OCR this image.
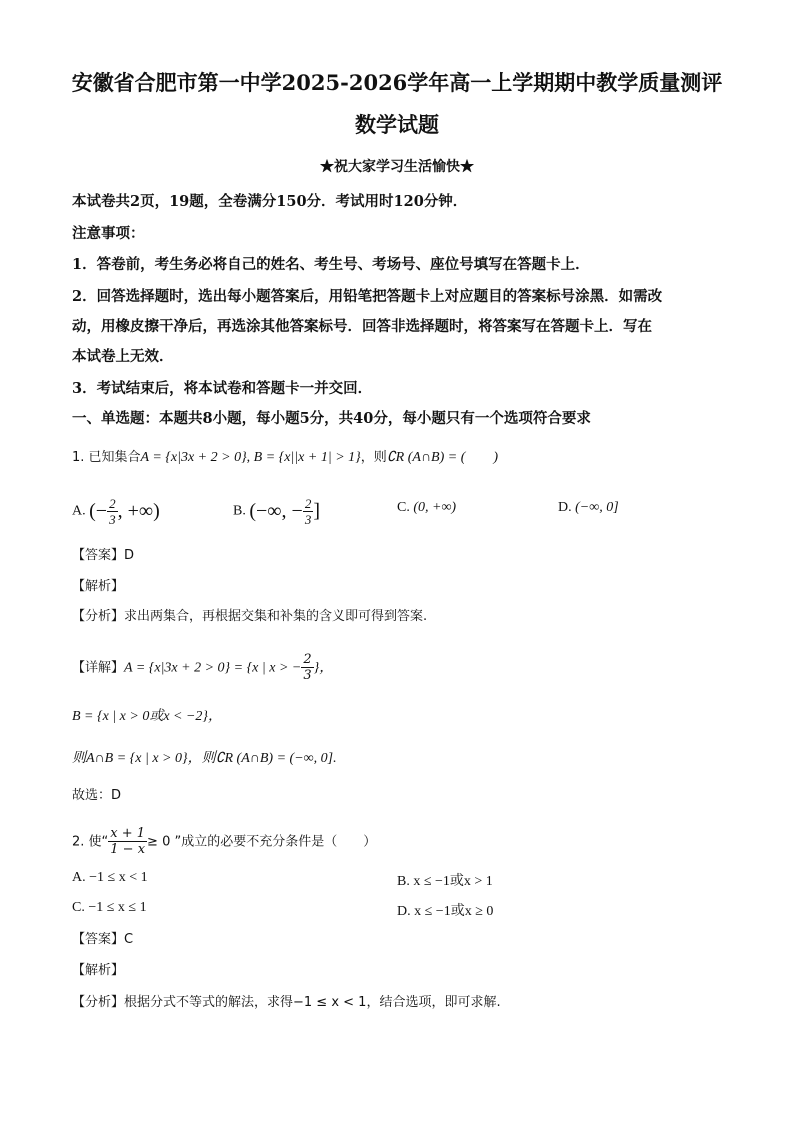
安徽省合肥市第一中学2025-2026学年高一上学期期中教学质量测评
数学试题
★祝大家学习生活愉快★
本试卷共2页，19题，全卷满分150分．考试用时120分钟．
注意事项：
1．答卷前，考生务必将自己的姓名、考生号、考场号、座位号填写在答题卡上．
2．回答选择题时，选出每小题答案后，用铅笔把答题卡上对应题目的答案标号涂黑．如需改
动，用橡皮擦干净后，再选涂其他答案标号．回答非选择题时，将答案写在答题卡上．写在
本试卷上无效．
3．考试结束后，将本试卷和答题卡一并交回．
一、单选题：本题共8小题，每小题5分，共40分，每小题只有一个选项符合要求
1. 已知集合A = {x|3x + 2 > 0}, B = {x||x + 1| > 1}，则∁R (A∩B) = (　　)
A. (− $\frac{2}{3}$ , +∞)	B. (−∞, − $\frac{2}{3}$ ]	C. (0, +∞)	D. (−∞, 0]
【答案】D
【解析】
【分析】求出两集合，再根据交集和补集的含义即可得到答案.
【详解】A = {x|3x + 2 > 0} = {x | x > − $\frac{2}{3}$ }，
B = {x | x > 0或x < −2}，
则A∩B = {x | x > 0}，则∁R (A∩B) = (−∞, 0].
故选：D
2. 使“ $\frac{x + 1}{1 - x} \ge 0$ ”成立的必要不充分条件是（　　）
A. −1 ≤ x < 1	B. x ≤ −1或x > 1
C. −1 ≤ x ≤ 1	D. x ≤ −1或x ≥ 0
【答案】C
【解析】
【分析】根据分式不等式的解法，求得−1 ≤ x < 1，结合选项，即可求解.
